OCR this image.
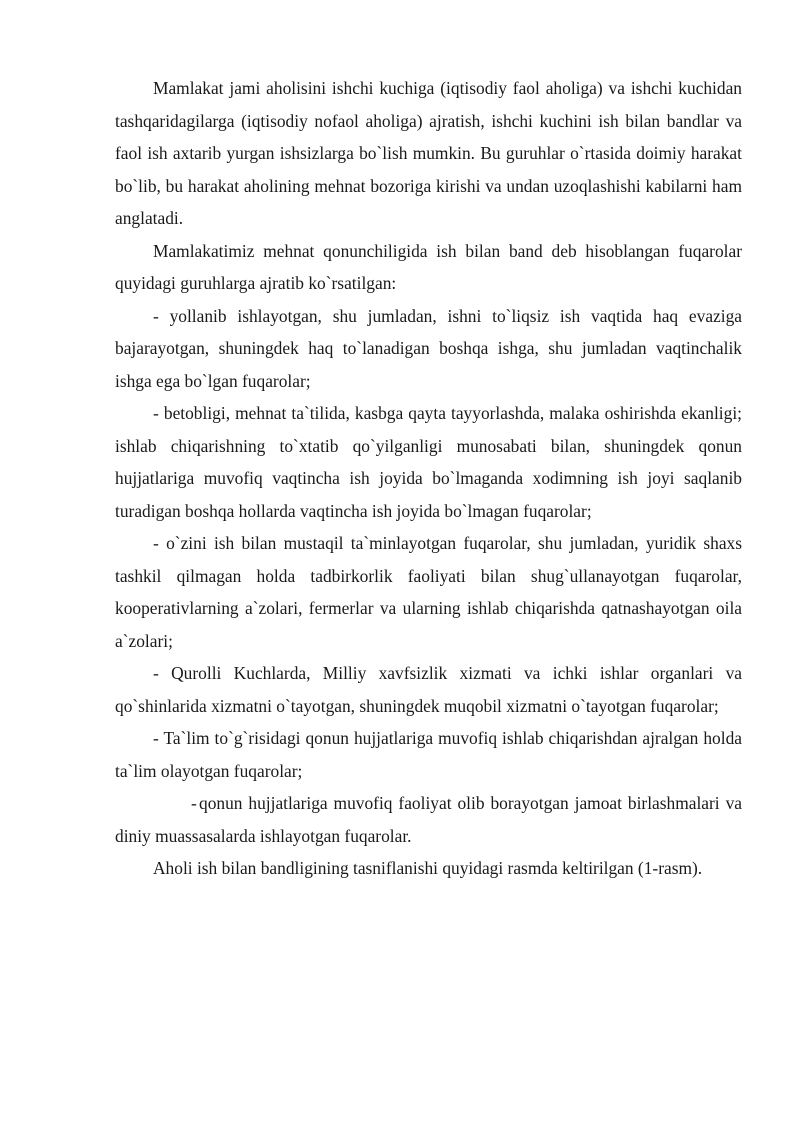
Mamlakat jami aholisini ishchi kuchiga (iqtisodiy faol aholiga) va ishchi kuchidan tashqaridagilarga (iqtisodiy nofaol aholiga) ajratish, ishchi kuchini ish bilan bandlar va faol ish axtarib yurgan ishsizlarga bo`lish mumkin. Bu guruhlar o`rtasida doimiy harakat bo`lib, bu harakat aholining mehnat bozoriga kirishi va undan uzoqlashishi kabilarni ham anglatadi.

Mamlakatimiz mehnat qonunchiligida ish bilan band deb hisoblangan fuqarolar quyidagi guruhlarga ajratib ko`rsatilgan:

- yollanib ishlayotgan, shu jumladan, ishni to`liqsiz ish vaqtida haq evaziga bajarayotgan, shuningdek haq to`lanadigan boshqa ishga, shu jumladan vaqtinchalik ishga ega bo`lgan fuqarolar;

- betobligi, mehnat ta`tilida, kasbga qayta tayyorlashda, malaka oshirishda ekanligi; ishlab chiqarishning to`xtatib qo`yilganligi munosabati bilan, shuningdek qonun hujjatlariga muvofiq vaqtincha ish joyida bo`lmaganda xodimning ish joyi saqlanib turadigan boshqa hollarda vaqtincha ish joyida bo`lmagan fuqarolar;

- o`zini ish bilan mustaqil ta`minlayotgan fuqarolar, shu jumladan, yuridik shaxs tashkil qilmagan holda tadbirkorlik faoliyati bilan shug`ullanayotgan fuqarolar, kooperativlarning a`zolari, fermerlar va ularning ishlab chiqarishda qatnashayotgan oila a`zolari;

- Qurolli Kuchlarda, Milliy xavfsizlik xizmati va ichki ishlar organlari va qo`shinlarida xizmatni o`tayotgan, shuningdek muqobil xizmatni o`tayotgan fuqarolar;

- Ta`lim to`g`risidagi qonun hujjatlariga muvofiq ishlab chiqarishdan ajralgan holda ta`lim olayotgan fuqarolar;

- qonun hujjatlariga muvofiq faoliyat olib borayotgan jamoat birlashmalari va diniy muassasalarda ishlayotgan fuqarolar.

Aholi ish bilan bandligining tasniflanishi quyidagi rasmda keltirilgan (1-rasm).
